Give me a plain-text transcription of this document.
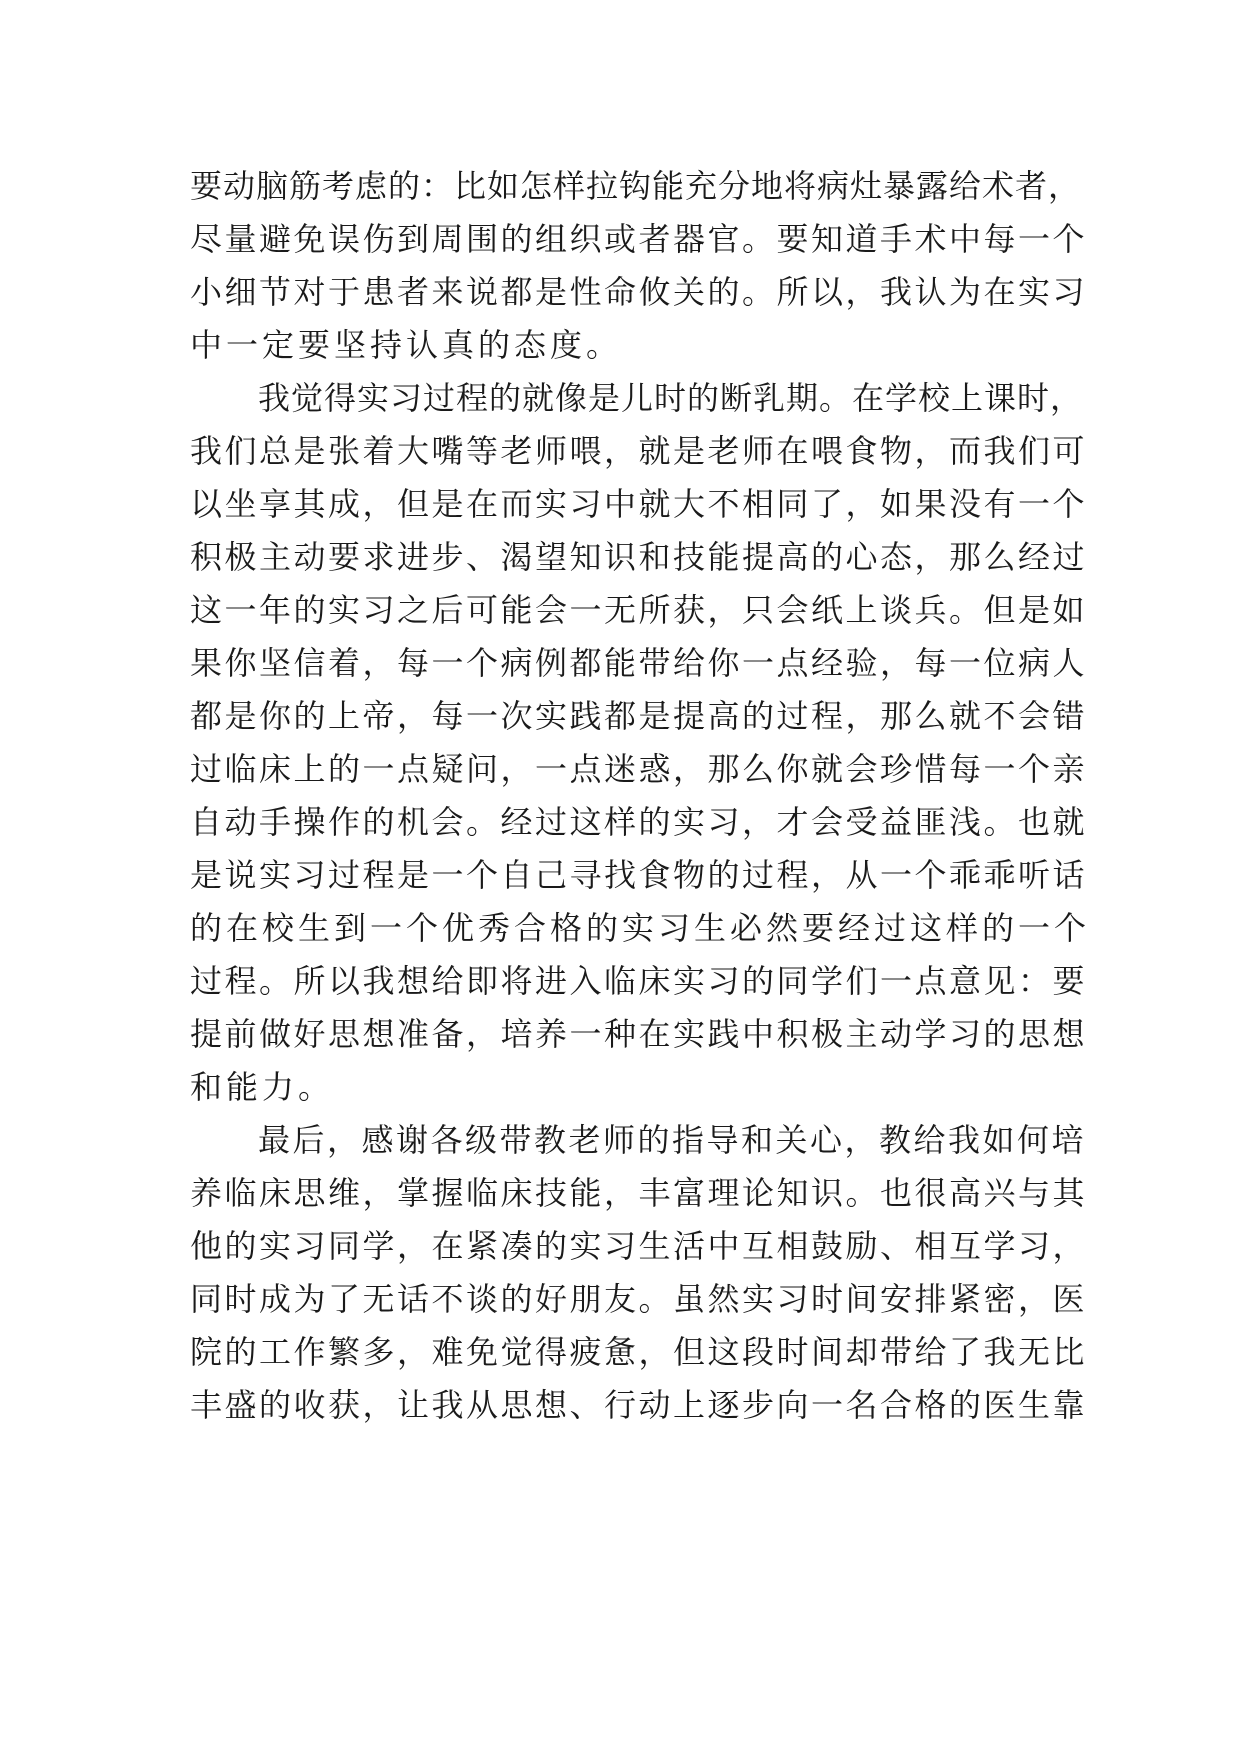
要动脑筋考虑的：比如怎样拉钩能充分地将病灶暴露给术者，
尽量避免误伤到周围的组织或者器官。要知道手术中每一个
小细节对于患者来说都是性命攸关的。所以，我认为在实习
中一定要坚持认真的态度。
我觉得实习过程的就像是儿时的断乳期。在学校上课时，
我们总是张着大嘴等老师喂，就是老师在喂食物，而我们可
以坐享其成，但是在而实习中就大不相同了，如果没有一个
积极主动要求进步、渴望知识和技能提高的心态，那么经过
这一年的实习之后可能会一无所获，只会纸上谈兵。但是如
果你坚信着，每一个病例都能带给你一点经验，每一位病人
都是你的上帝，每一次实践都是提高的过程，那么就不会错
过临床上的一点疑问，一点迷惑，那么你就会珍惜每一个亲
自动手操作的机会。经过这样的实习，才会受益匪浅。也就
是说实习过程是一个自己寻找食物的过程，从一个乖乖听话
的在校生到一个优秀合格的实习生必然要经过这样的一个
过程。所以我想给即将进入临床实习的同学们一点意见：要
提前做好思想准备，培养一种在实践中积极主动学习的思想
和能力。
最后，感谢各级带教老师的指导和关心，教给我如何培
养临床思维，掌握临床技能，丰富理论知识。也很高兴与其
他的实习同学，在紧凑的实习生活中互相鼓励、相互学习，
同时成为了无话不谈的好朋友。虽然实习时间安排紧密，医
院的工作繁多，难免觉得疲惫，但这段时间却带给了我无比
丰盛的收获，让我从思想、行动上逐步向一名合格的医生靠
